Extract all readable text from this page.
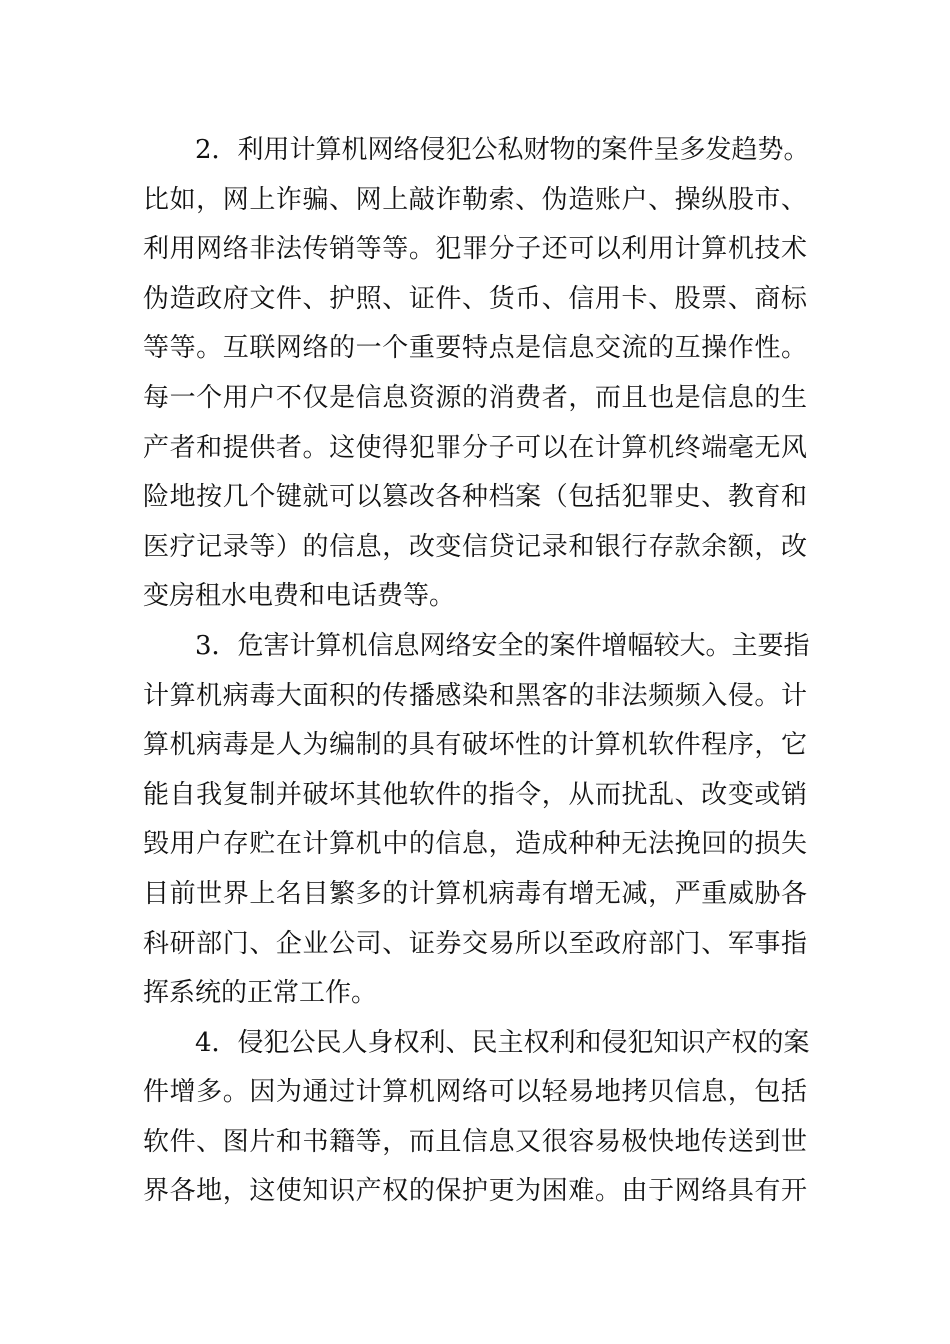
2．利用计算机网络侵犯公私财物的案件呈多发趋势。
比如，网上诈骗、网上敲诈勒索、伪造账户、操纵股市、
利用网络非法传销等等。犯罪分子还可以利用计算机技术
伪造政府文件、护照、证件、货币、信用卡、股票、商标
等等。互联网络的一个重要特点是信息交流的互操作性。
每一个用户不仅是信息资源的消费者，而且也是信息的生
产者和提供者。这使得犯罪分子可以在计算机终端毫无风
险地按几个键就可以篡改各种档案（包括犯罪史、教育和
医疗记录等）的信息，改变信贷记录和银行存款余额，改
变房租水电费和电话费等。
3．危害计算机信息网络安全的案件增幅较大。主要指
计算机病毒大面积的传播感染和黑客的非法频频入侵。计
算机病毒是人为编制的具有破坏性的计算机软件程序，它
能自我复制并破坏其他软件的指令，从而扰乱、改变或销
毁用户存贮在计算机中的信息，造成种种无法挽回的损失
目前世界上名目繁多的计算机病毒有增无减，严重威胁各
科研部门、企业公司、证券交易所以至政府部门、军事指
挥系统的正常工作。
4．侵犯公民人身权利、民主权利和侵犯知识产权的案
件增多。因为通过计算机网络可以轻易地拷贝信息，包括
软件、图片和书籍等，而且信息又很容易极快地传送到世
界各地，这使知识产权的保护更为困难。由于网络具有开
